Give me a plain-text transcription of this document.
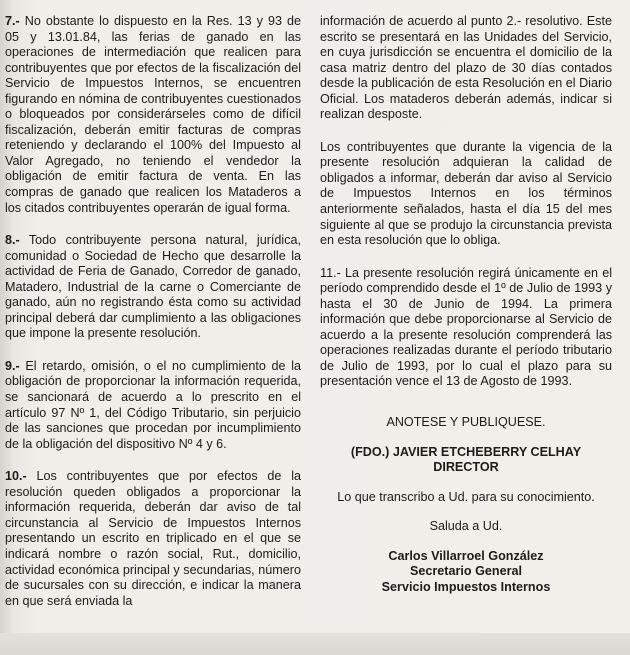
7.- No obstante lo dispuesto en la Res. 13 y 93 de 05 y 13.01.84, las ferias de ganado en las operaciones de intermediación que realicen para contribuyentes que por efectos de la fiscalización del Servicio de Impuestos Internos, se encuentren figurando en nómina de contribuyentes cuestionados o bloqueados por considerárseles como de difícil fiscalización, deberán emitir facturas de compras reteniendo y declarando el 100% del Impuesto al Valor Agregado, no teniendo el vendedor la obligación de emitir factura de venta. En las compras de ganado que realicen los Mataderos a los citados contribuyentes operarán de igual forma.

8.- Todo contribuyente persona natural, jurídica, comunidad o Sociedad de Hecho que desarrolle la actividad de Feria de Ganado, Corredor de ganado, Matadero, Industrial de la carne o Comerciante de ganado, aún no registrando ésta como su actividad principal deberá dar cumplimiento a las obligaciones que impone la presente resolución.

9.- El retardo, omisión, o el no cumplimiento de la obligación de proporcionar la información requerida, se sancionará de acuerdo a lo prescrito en el artículo 97 Nº 1, del Código Tributario, sin perjuicio de las sanciones que procedan por incumplimiento de la obligación del dispositivo Nº 4 y 6.

10.- Los contribuyentes que por efectos de la resolución queden obligados a proporcionar la información requerida, deberán dar aviso de tal circunstancia al Servicio de Impuestos Internos presentando un escrito en triplicado en el que se indicará nombre o razón social, Rut., domicilio, actividad económica principal y secundarias, número de sucursales con su dirección, e indicar la manera en que será enviada la

información de acuerdo al punto 2.- resolutivo. Este escrito se presentará en las Unidades del Servicio, en cuya jurisdicción se encuentra el domicilio de la casa matriz dentro del plazo de 30 días contados desde la publicación de esta Resolución en el Diario Oficial. Los mataderos deberán además, indicar si realizan desposte.

Los contribuyentes que durante la vigencia de la presente resolución adquieran la calidad de obligados a informar, deberán dar aviso al Servicio de Impuestos Internos en los términos anteriormente señalados, hasta el día 15 del mes siguiente al que se produjo la circunstancia prevista en esta resolución que lo obliga.

11.- La presente resolución regirá únicamente en el período comprendido desde el 1º de Julio de 1993 y hasta el 30 de Junio de 1994. La primera información que debe proporcionarse al Servicio de acuerdo a la presente resolución comprenderá las operaciones realizadas durante el período tributario de Julio de 1993, por lo cual el plazo para su presentación vence el 13 de Agosto de 1993.

ANOTESE Y PUBLIQUESE.
(FDO.) JAVIER ETCHEBERRY CELHAY
DIRECTOR
Lo que transcribo a Ud. para su conocimiento.
Saluda a Ud.
Carlos Villarroel González
Secretario General
Servicio Impuestos Internos
